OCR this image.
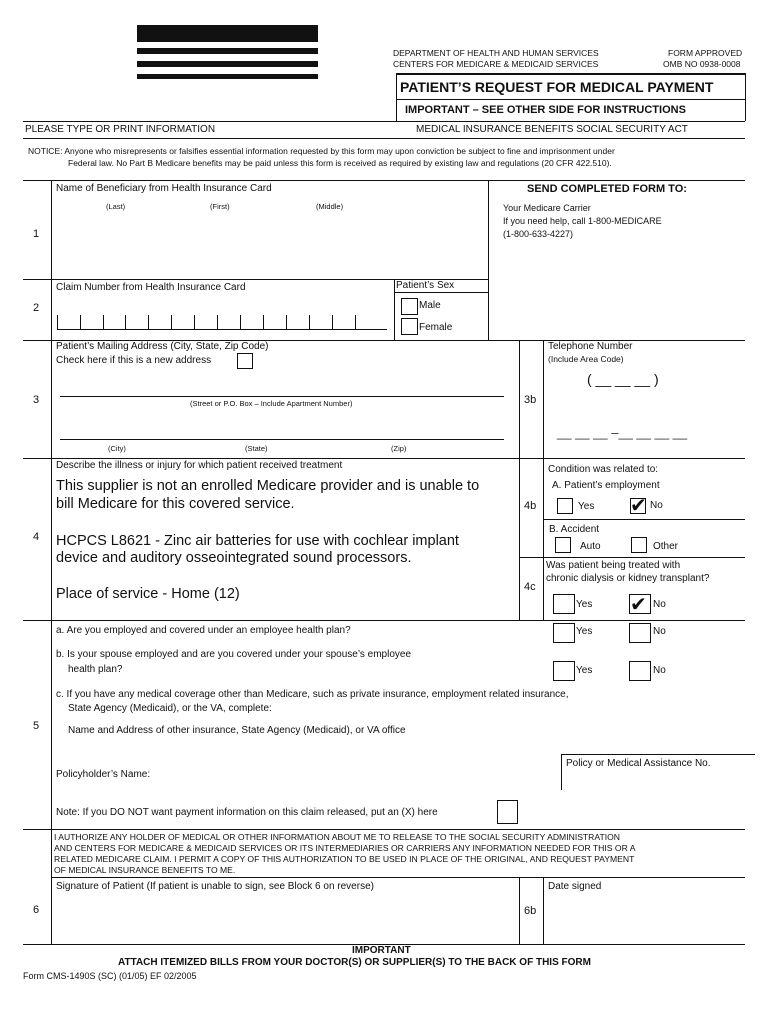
DEPARTMENT OF HEALTH AND HUMAN SERVICES
CENTERS FOR MEDICARE & MEDICAID SERVICES
FORM APPROVED
OMB NO 0938-0008
PATIENT’S REQUEST FOR MEDICAL PAYMENT
IMPORTANT – SEE OTHER SIDE FOR INSTRUCTIONS
PLEASE TYPE OR PRINT INFORMATION	MEDICAL INSURANCE BENEFITS SOCIAL SECURITY ACT
NOTICE: Anyone who misrepresents or falsifies essential information requested by this form may upon conviction be subject to fine and imprisonment under
Federal law. No Part B Medicare benefits may be paid unless this form is received as required by existing law and regulations (20 CFR 422.510).
1
Name of Beneficiary from Health Insurance Card
(Last)	(First)	(Middle)
SEND COMPLETED FORM TO:
Your Medicare Carrier
If you need help, call 1-800-MEDICARE
(1-800-633-4227)
2
Claim Number from Health Insurance Card	Patient’s Sex
Male
Female
3
Patient’s Mailing Address (City, State, Zip Code)
Check here if this is a new address
(Street or P.O. Box – Include Apartment Number)
(City)	(State)	(Zip)
3b
Telephone Number
(Include Area Code)
( __ __ __ )
__ __ __ –__ __ __ __
4
Describe the illness or injury for which patient received treatment
This supplier is not an enrolled Medicare provider and is unable to
bill Medicare for this covered service.
HCPCS L8621 - Zinc air batteries for use with cochlear implant
device and auditory osseointegrated sound processors.
Place of service - Home (12)
4b
Condition was related to:
A. Patient’s employment
Yes ✔ No
B. Accident
Auto	Other
4c
Was patient being treated with
chronic dialysis or kidney transplant?
Yes ✔ No
5
a. Are you employed and covered under an employee health plan?	Yes	No
b. Is your spouse employed and are you covered under your spouse’s employee
health plan?	Yes	No
c. If you have any medical coverage other than Medicare, such as private insurance, employment related insurance,
State Agency (Medicaid), or the VA, complete:
Name and Address of other insurance, State Agency (Medicaid), or VA office
Policy or Medical Assistance No.
Policyholder’s Name:
Note: If you DO NOT want payment information on this claim released, put an (X) here
I AUTHORIZE ANY HOLDER OF MEDICAL OR OTHER INFORMATION ABOUT ME TO RELEASE TO THE SOCIAL SECURITY ADMINISTRATION
AND CENTERS FOR MEDICARE & MEDICAID SERVICES OR ITS INTERMEDIARIES OR CARRIERS ANY INFORMATION NEEDED FOR THIS OR A
RELATED MEDICARE CLAIM. I PERMIT A COPY OF THIS AUTHORIZATION TO BE USED IN PLACE OF THE ORIGINAL, AND REQUEST PAYMENT
OF MEDICAL INSURANCE BENEFITS TO ME.
6
Signature of Patient (If patient is unable to sign, see Block 6 on reverse)
6b
Date signed
IMPORTANT
ATTACH ITEMIZED BILLS FROM YOUR DOCTOR(S) OR SUPPLIER(S) TO THE BACK OF THIS FORM
Form CMS-1490S (SC) (01/05) EF 02/2005
